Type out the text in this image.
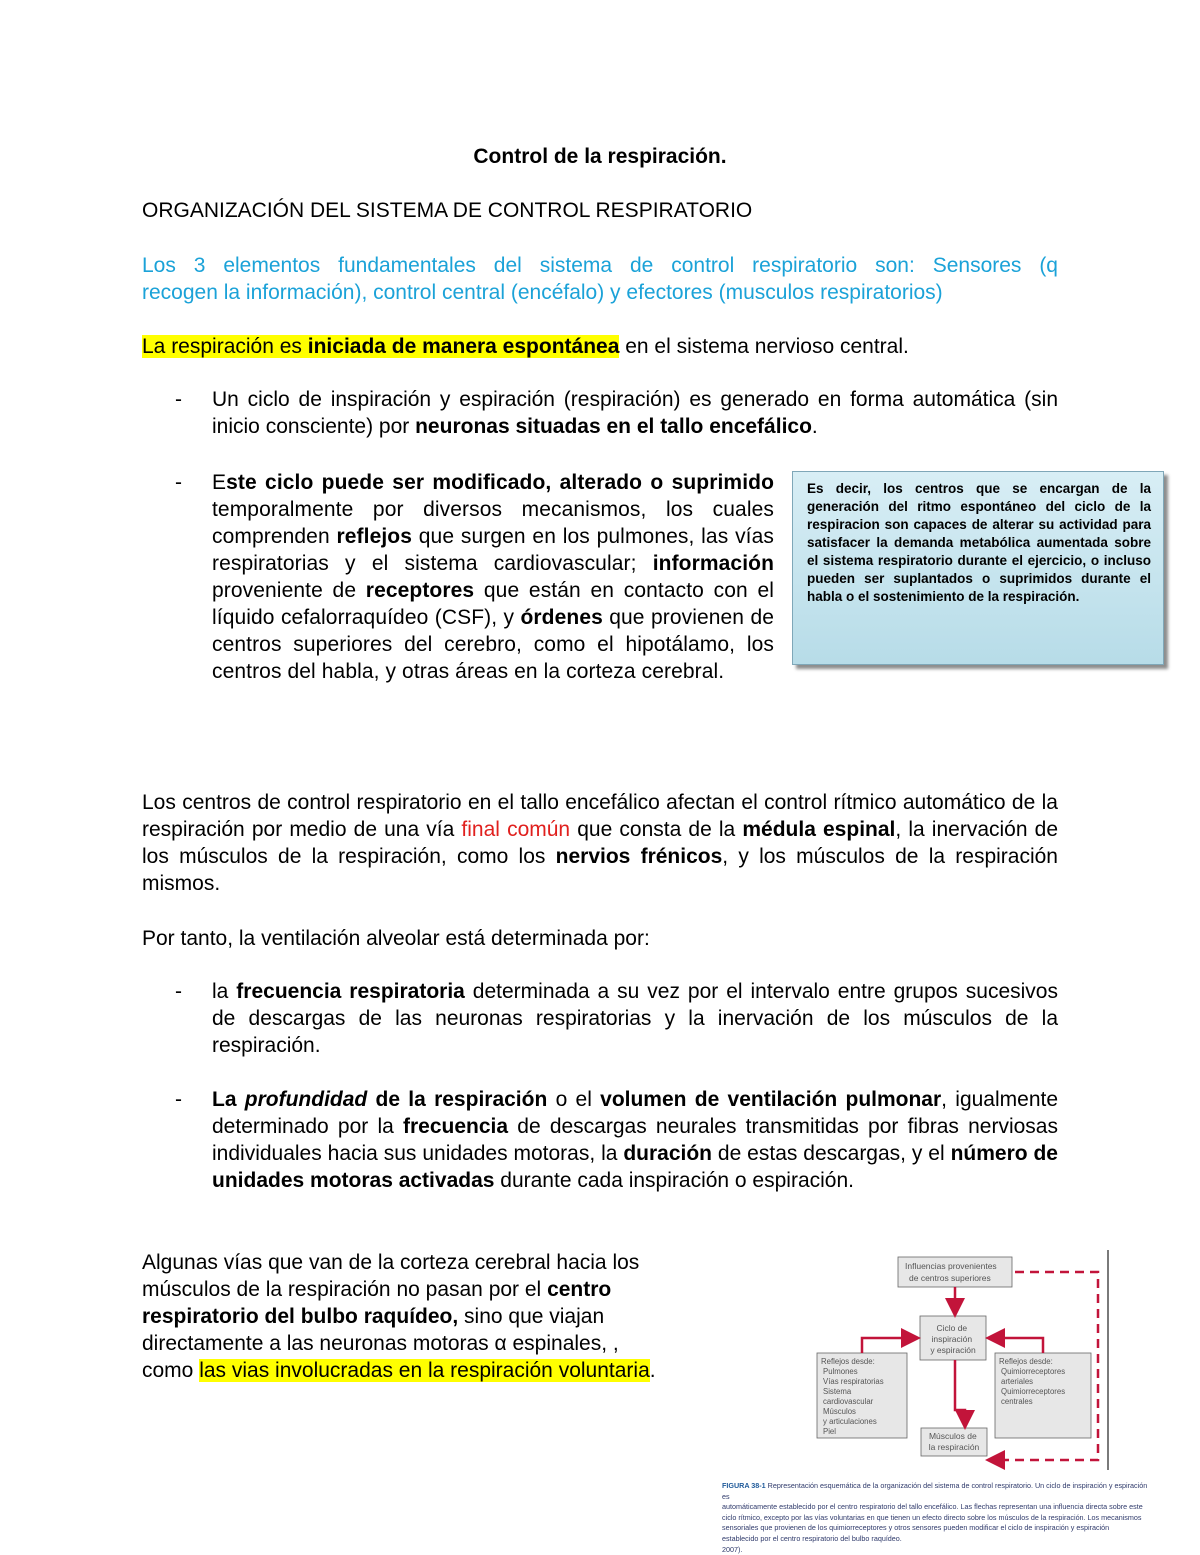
Control de la respiración.
ORGANIZACIÓN DEL SISTEMA DE CONTROL RESPIRATORIO
Los 3 elementos fundamentales del sistema de control respiratorio son: Sensores (q
recogen la información), control central (encéfalo) y efectores (musculos respiratorios)
La respiración es iniciada de manera espontánea en el sistema nervioso central.
- Un ciclo de inspiración y espiración (respiración) es generado en forma automática (sin inicio consciente) por neuronas situadas en el tallo encefálico.
- Este ciclo puede ser modificado, alterado o suprimido temporalmente por diversos mecanismos, los cuales comprenden reflejos que surgen en los pulmones, las vías respiratorias y el sistema cardiovascular; información proveniente de receptores que están en contacto con el líquido cefalorraquídeo (CSF), y órdenes que provienen de centros superiores del cerebro, como el hipotálamo, los centros del habla, y otras áreas en la corteza cerebral.

Es decir, los centros que se encargan de la generación del ritmo espontáneo del ciclo de la respiracion son capaces de alterar su actividad para satisfacer la demanda metabólica aumentada sobre el sistema respiratorio durante el ejercicio, o incluso pueden ser suplantados o suprimidos durante el habla o el sostenimiento de la respiración.

Los centros de control respiratorio en el tallo encefálico afectan el control rítmico automático de la respiración por medio de una vía final común que consta de la médula espinal, la inervación de los músculos de la respiración, como los nervios frénicos, y los músculos de la respiración mismos.
Por tanto, la ventilación alveolar está determinada por:
- la frecuencia respiratoria determinada a su vez por el intervalo entre grupos sucesivos de descargas de las neuronas respiratorias y la inervación de los músculos de la respiración.
- La profundidad de la respiración o el volumen de ventilación pulmonar, igualmente determinado por la frecuencia de descargas neurales transmitidas por fibras nerviosas individuales hacia sus unidades motoras, la duración de estas descargas, y el número de unidades motoras activadas durante cada inspiración o espiración.
Algunas vías que van de la corteza cerebral hacia los músculos de la respiración no pasan por el centro respiratorio del bulbo raquídeo, sino que viajan directamente a las neuronas motoras α espinales, , como las vias involucradas en la respiración voluntaria.
Influencias provenientes de centros superiores
Ciclo de inspiración y espiración
Reflejos desde: Pulmones Vías respiratorias Sistema cardiovascular Músculos y articulaciones Piel
Reflejos desde: Quimiorreceptores arteriales Quimiorreceptores centrales
Músculos de la respiración
FIGURA 38-1 Representación esquemática de la organización del sistema de control respiratorio. Un ciclo de inspiración y espiración es
automáticamente establecido por el centro respiratorio del tallo encefálico. Las flechas representan una influencia directa sobre este
ciclo rítmico, excepto por las vías voluntarias en que tienen un efecto directo sobre los músculos de la respiración. Los mecanismos
sensoriales que provienen de los quimiorreceptores y otros sensores pueden modificar el ciclo de inspiración y espiración
establecido por el centro respiratorio del bulbo raquídeo.
2007).
